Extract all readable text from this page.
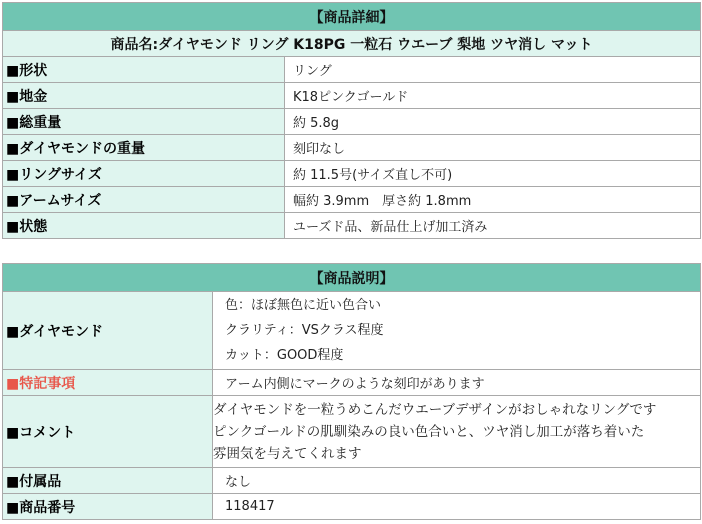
【商品詳細】	
商品名:ダイヤモンド リング K18PG 一粒石 ウエーブ 梨地 ツヤ消し マット	
■形状	リング
■地金	K18ピンクゴールド
■総重量	約 5.8g
■ダイヤモンドの重量	刻印なし
■リングサイズ	約 11.5号(サイズ直し不可)
■アームサイズ	幅約 3.9mm　厚さ約 1.8mm
■状態	ユーズド品、新品仕上げ加工済み
【商品説明】	
■ダイヤモンド	色：ほぼ無色に近い色合い
クラリティ：VSクラス程度
カット：GOOD程度

■特記事項	アーム内側にマークのような刻印があります
■コメント	ダイヤモンドを一粒うめこんだウエーブデザインがおしゃれなリングです
ピンクゴールドの肌馴染みの良い色合いと、ツヤ消し加工が落ち着いた
雰囲気を与えてくれます

■付属品	なし
■商品番号	118417
